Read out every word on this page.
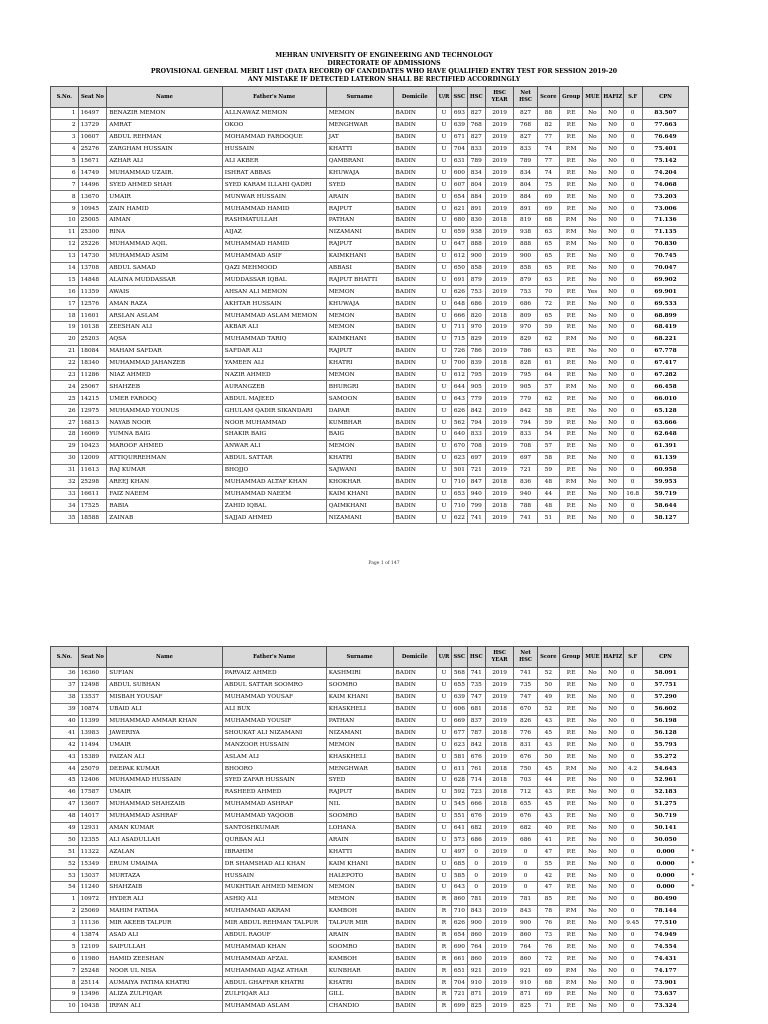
MEHRAN UNIVERSITY OF ENGINEERING AND TECHNOLOGY
DIRECTORATE OF ADMISSIONS
PROVISIONAL GENERAL MERIT LIST (DATA RECORD) OF CANDIDATES WHO HAVE QUALIFIED ENTRY TEST FOR SESSION 2019-20
ANY MISTAKE IF DETECTED LATERON SHALL BE RECTIFIED ACCORDINGLY
S.No.	Seat No	Name	Father's Name	Surname	Domicile	U/R	SSC	HSC	HSC YEAR	Net HSC	Score	Group	MUE	HAFIZ	S.F	CPN	
1	16497	BENAZIR MEMON	ALLNAWAZ MEMON	MEMON	BADIN	U	693	827	2019	827	88	P.E	No	N0	0	83.507	
2	13729	AMRAT	OKOO	MENGHWAR	BADIN	U	639	768	2019	768	82	P.E	No	N0	0	77.663	
3	10607	ABDUL REHMAN	MOHAMMAD FAROOQUE	JAT	BADIN	U	671	827	2019	827	77	P.E	No	N0	0	76.649	
4	25276	ZARGHAM HUSSAIN	HUSSAIN	KHATTI	BADIN	U	704	833	2019	833	74	P.M	No	N0	0	75.401	
5	15671	AZHAR ALI	ALI AKBER	QAMBRANI	BADIN	U	631	789	2019	789	77	P.E	No	N0	0	75.142	
6	14749	MUHAMMAD UZAIR.	ISHRAT ABBAS	KHUWAJA	BADIN	U	600	834	2019	834	74	P.E	No	N0	0	74.204	
7	14496	SYED AHMED SHAH	SYED KARAM ILLAHI QADRI	SYED	BADIN	U	607	804	2019	804	75	P.E	No	N0	0	74.068	
8	13670	UMAIR	MUNWAR HUSSAIN	ARAIN	BADIN	U	654	884	2019	884	69	P.E	No	N0	0	73.203	
9	10945	ZAIN HAMID	MUHAMMAD HAMID	RAJPUT	BADIN	U	621	891	2019	891	69	P.E	No	N0	0	73.006	
10	25005	AIMAN	RASHMATULLAH	PATHAN	BADIN	U	680	830	2018	819	68	P.M	No	N0	0	71.136	
11	25300	RINA	AIJAZ	NIZAMANI	BADIN	U	659	938	2019	938	63	P.M	No	N0	0	71.135	
12	25226	MUHAMMAD AQIL	MUHAMMAD HAMID	RAJPUT	BADIN	U	647	888	2019	888	65	P.M	No	N0	0	70.830	
13	14730	MUHAMMAD ASIM	MUHAMMAD ASIF	KAIMKHANI	BADIN	U	612	900	2019	900	65	P.E	No	N0	0	70.745	
14	13708	ABDUL SAMAD	QAZI MEHMOOD	ABBASI	BADIN	U	650	858	2019	858	65	P.E	No	N0	0	70.047	
15	14848	ALAINA MUDDASSAR	MUDDASSAR IQBAL	RAJPUT BHATTI	BADIN	U	691	879	2019	879	63	P.E	No	N0	0	69.902	
16	11359	AWAIS	AHSAN ALI MEMON	MEMON	BADIN	U	626	753	2019	753	70	P.E	Yes	N0	0	69.901	
17	12576	AMAN RAZA	AKHTAR HUSSAIN	KHUWAJA	BADIN	U	648	686	2019	686	72	P.E	No	N0	0	69.533	
18	11601	ARSLAN ASLAM	MUHAMMAD ASLAM MEMON	MEMON	BADIN	U	666	820	2018	809	65	P.E	No	N0	0	68.899	
19	10138	ZEESHAN ALI	AKBAR ALI	MEMON	BADIN	U	711	970	2019	970	59	P.E	No	N0	0	68.419	
20	25203	AQSA	MUHAMMAD TARIQ	KAIMKHANI	BADIN	U	715	829	2019	829	62	P.M	No	N0	0	68.221	
21	18084	MAHAM SAFDAR	SAFDAR ALI	RAJPUT	BADIN	U	726	786	2019	786	63	P.E	No	N0	0	67.778	
22	18340	MUHAMMAD JAHANZEB	YAMEEN ALI	KHATRI	BADIN	U	700	839	2018	828	61	P.E	No	N0	0	67.417	
23	11286	NIAZ AHMED	NAZIR AHMED	MEMON	BADIN	U	612	795	2019	795	64	P.E	No	N0	0	67.282	
24	25067	SHAHZEB	AURANGZEB	BHURGRI	BADIN	U	644	905	2019	905	57	P.M	No	N0	0	66.458	
25	14215	UMER FAROOQ	ABDUL MAJEED	SAMOON	BADIN	U	643	779	2019	779	62	P.E	No	N0	0	66.010	
26	12975	MUHAMMAD YOUNUS	GHULAM QADIR SIKANDARI	DAPAR	BADIN	U	626	842	2019	842	58	P.E	No	N0	0	65.128	
27	16813	NAYAB NOOR	NOOR MUHAMMAD	KUMBHAR	BADIN	U	562	794	2019	794	59	P.E	No	N0	0	63.666	
28	16069	YUMNA BAIG	SHAKIR BAIG	BAIG	BADIN	U	640	833	2019	833	54	P.E	No	N0	0	62.648	
29	10423	MAROOF AHMED	ANWAR ALI	MEMON	BADIN	U	670	708	2019	708	57	P.E	No	N0	0	61.391	
30	12009	ATTIQURREHMAN	ABDUL SATTAR	KHATRI	BADIN	U	623	697	2019	697	58	P.E	No	N0	0	61.139	
31	11613	RAJ KUMAR	BHOJJO	SAJWANI	BADIN	U	501	721	2019	721	59	P.E	No	N0	0	60.958	
32	25298	AREEJ KHAN	MUHAMMAD ALTAF KHAN	KHOKHAR	BADIN	U	710	847	2018	836	48	P.M	No	N0	0	59.953	
33	16611	FAIZ NAEEM	MUHAMMAD NAEEM	KAIM KHANI	BADIN	U	653	940	2019	940	44	P.E	No	N0	16.8	59.719	
34	17525	RABIA	ZAHID IQBAL	QAIMKHANI	BADIN	U	710	799	2018	788	48	P.E	No	N0	0	58.644	
35	18588	ZAINAB	SAJJAD AHMED	NIZAMANI	BADIN	U	622	741	2019	741	51	P.E	No	N0	0	58.127	
Page 1 of 147
S.No.	Seat No	Name	Father's Name	Surname	Domicile	U/R	SSC	HSC	HSC YEAR	Net HSC	Score	Group	MUE	HAFIZ	S.F	CPN	
36	16360	SUFIAN	PARVAIZ AHMED	KASHMIRI	BADIN	U	568	741	2019	741	52	P.E	No	N0	0	58.091	
37	12498	ABDUL SUBHAN	ABDUL SATTAR SOOMRO	SOOMRO	BADIN	U	655	735	2019	735	50	P.E	No	N0	0	57.751	
38	13537	MISBAH YOUSAF	MUHAMMAD YOUSAF	KAIM KHANI	BADIN	U	639	747	2019	747	49	P.E	No	N0	0	57.290	
39	10874	UBAID ALI	ALI BUX	KHASKHELI	BADIN	U	606	681	2018	670	52	P.E	No	N0	0	56.602	
40	11399	MUHAMMAD AMMAR KHAN	MUHAMMAD YOUSIF	PATHAN	BADIN	U	669	837	2019	826	43	P.E	No	N0	0	56.198	
41	13983	JAWERIYA	SHOUKAT ALI NIZAMANI	NIZAMANI	BADIN	U	677	787	2018	776	45	P.E	No	N0	0	56.128	
42	11494	UMAIR	MANZOOR HUSSAIN	MEMON	BADIN	U	623	842	2018	831	43	P.E	No	N0	0	55.793	
43	15389	FAIZAN ALI	ASLAM ALI	KHASKHELI	BADIN	U	581	676	2019	676	50	P.E	No	N0	0	55.272	
44	25079	DEEPAK KUMAR	BHOORO	MENGHWAR	BADIN	U	611	761	2018	750	45	P.M	No	N0	4.2	54.643	
45	12406	MUHAMMAD HUSSAIN	SYED ZAFAR HUSSAIN	SYED	BADIN	U	628	714	2018	703	44	P.E	No	N0	0	52.961	
46	17587	UMAIR	RASHEED AHMED	RAJPUT	BADIN	U	592	723	2018	712	43	P.E	No	N0	0	52.183	
47	13607	MUHAMMAD SHAHZAIB	MUHAMMAD ASHRAF	NIL	BADIN	U	545	666	2018	655	45	P.E	No	N0	0	51.275	
48	14017	MUHAMMAD ASHRAF	MUHAMMAD YAQOOB	SOOMRO	BADIN	U	551	676	2019	676	43	P.E	No	N0	0	50.719	
49	12931	AMAN KUMAR	SANTOSHKUMAR	LOHANA	BADIN	U	641	682	2019	682	40	P.E	No	N0	0	50.141	
50	12355	ALI ASADULLAH	QURBAN ALI	ARAIN	BADIN	U	573	686	2019	686	41	P.E	No	N0	0	50.050	
51	11322	AZALAN	IBRAHIM	KHATTI	BADIN	U	497	0	2019	0	47	P.E	No	N0	0	0.000	*
52	15349	ERUM UMAIMA	DR SHAMSHAD ALI KHAN	KAIM KHANI	BADIN	U	685	0	2019	0	55	P.E	No	N0	0	0.000	*
53	13037	MURTAZA	HUSSAIN	HALEPOTO	BADIN	U	585	0	2019	0	42	P.E	No	N0	0	0.000	*
54	11240	SHAHZAIB	MUKHTIAR AHMED MEMON	MEMON	BADIN	U	643	0	2019	0	47	P.E	No	N0	0	0.000	*
1	10972	HYDER ALI	ASHIQ ALI	MEMON	BADIN	R	860	781	2019	781	85	P.E	No	N0	0	80.490	
2	25069	MAHIM FATIMA	MUHAMMAD AKRAM	KAMBOH	BADIN	R	710	843	2019	843	78	P.M	No	N0	0	78.144	
3	11136	MIR AKEEB TALPUR	MIR ABDUL REHMAN TALPUR	TALPUR MIR	BADIN	R	626	900	2019	900	76	P.E	No	N0	9.45	77.510	
4	13874	ASAD ALI	ABDUL RAOUF	ARAIN	BADIN	R	654	860	2019	860	73	P.E	No	N0	0	74.949	
5	12109	SAIFULLAH	MUHAMMAD KHAN	SOOMRO	BADIN	R	690	764	2019	764	76	P.E	No	N0	0	74.554	
6	11980	HAMID ZEESHAN	MUHAMMAD AFZAL	KAMBOH	BADIN	R	661	860	2019	860	72	P.E	No	N0	0	74.431	
7	25248	NOOR UL NISA	MUHAMMAD AIJAZ ATHAR	KUNBHAR	BADIN	R	651	921	2019	921	69	P.M	No	N0	0	74.177	
8	25114	AUMAIYA FATIMA KHATRI	ABDUL GHAFFAR KHATRI	KHATRI	BADIN	R	704	910	2019	910	68	P.M	No	N0	0	73.901	
9	13496	ALIZA ZULFIQAR	ZULFIQAR ALI	GILL	BADIN	R	721	871	2019	871	69	P.E	No	N0	0	73.637	
10	10438	IRFAN ALI	MUHAMMAD ASLAM	CHANDIO	BADIN	R	699	825	2019	825	71	P.E	No	N0	0	73.324	
